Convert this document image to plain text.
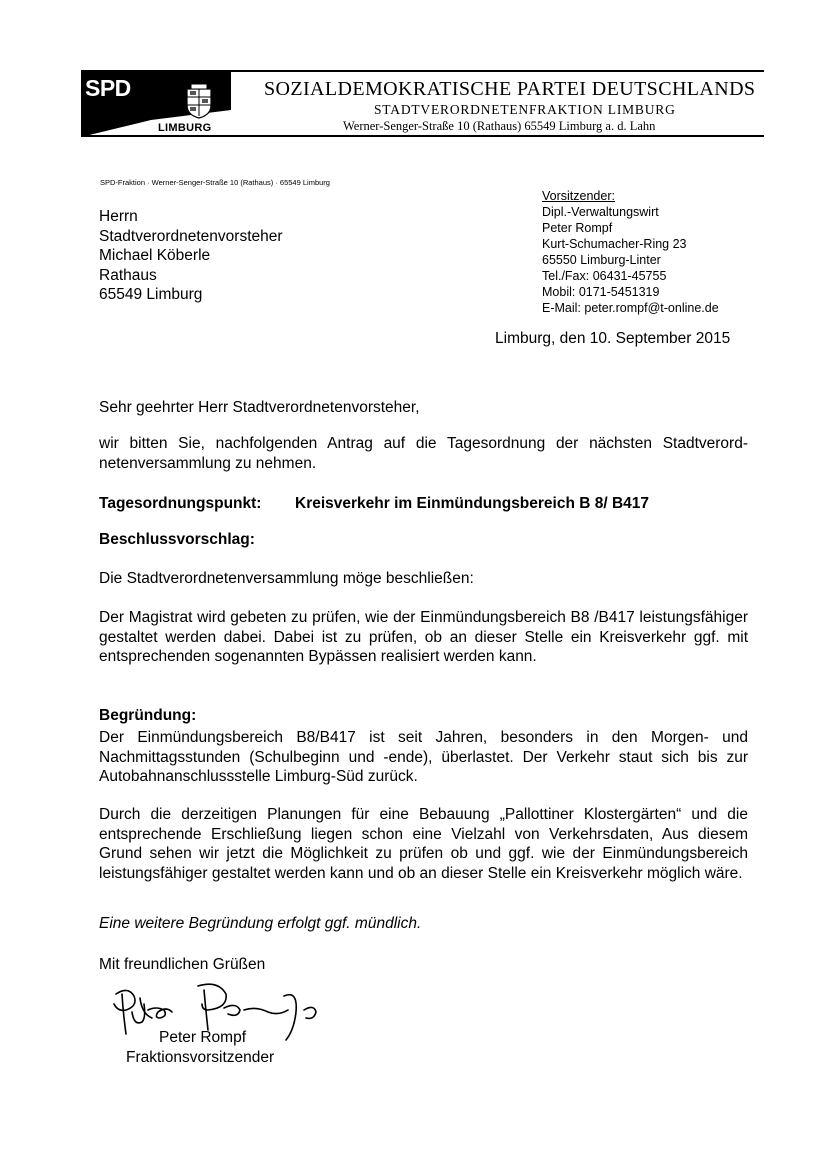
SPD
LIMBURG
SOZIALDEMOKRATISCHE PARTEI DEUTSCHLANDS
STADTVERORDNETENFRAKTION LIMBURG
Werner-Senger-Straße 10 (Rathaus) 65549 Limburg a. d. Lahn
SPD-Fraktion · Werner-Senger-Straße 10 (Rathaus) · 65549 Limburg
Herrn
Stadtverordnetenvorsteher
Michael Köberle
Rathaus
65549 Limburg
Vorsitzender:
Dipl.-Verwaltungswirt
Peter Rompf
Kurt-Schumacher-Ring 23
65550 Limburg-Linter
Tel./Fax: 06431-45755
Mobil: 0171-5451319
E-Mail: peter.rompf@t-online.de
Limburg, den 10. September 2015
Sehr geehrter Herr Stadtverordnetenvorsteher,
wir bitten Sie, nachfolgenden Antrag auf die Tagesordnung der nächsten Stadtverordnetenversammlung zu nehmen.
Tagesordnungspunkt: Kreisverkehr im Einmündungsbereich B 8/ B417
Beschlussvorschlag:
Die Stadtverordnetenversammlung möge beschließen:
Der Magistrat wird gebeten zu prüfen, wie der Einmündungsbereich B8 /B417 leistungsfähiger gestaltet werden dabei. Dabei ist zu prüfen, ob an dieser Stelle ein Kreisverkehr ggf. mit entsprechenden sogenannten Bypässen realisiert werden kann.
Begründung:
Der Einmündungsbereich B8/B417 ist seit Jahren, besonders in den Morgen- und Nachmittagsstunden (Schulbeginn und -ende), überlastet. Der Verkehr staut sich bis zur Autobahnanschlussstelle Limburg-Süd zurück.
Durch die derzeitigen Planungen für eine Bebauung „Pallottiner Klostergärten“ und die entsprechende Erschließung liegen schon eine Vielzahl von Verkehrsdaten, Aus diesem Grund sehen wir jetzt die Möglichkeit zu prüfen ob und ggf. wie der Einmündungsbereich leistungsfähiger gestaltet werden kann und ob an dieser Stelle ein Kreisverkehr möglich wäre.
Eine weitere Begründung erfolgt ggf. mündlich.
Mit freundlichen Grüßen
Peter Rompf
Fraktionsvorsitzender
